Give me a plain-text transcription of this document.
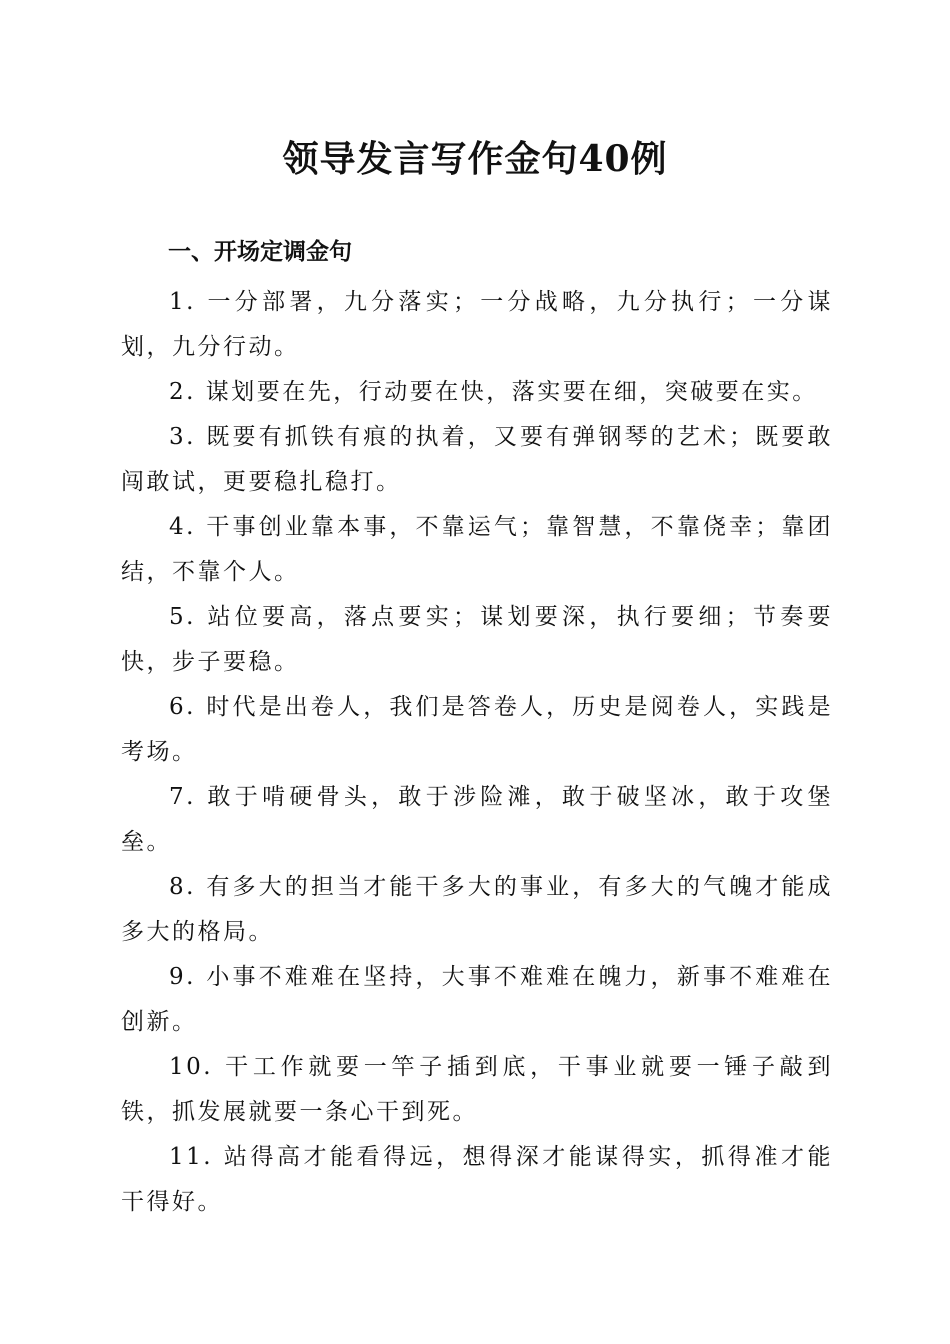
领导发言写作金句40例
一、开场定调金句
1. 一分部署，九分落实；一分战略，九分执行；一分谋划，九分行动。
2. 谋划要在先，行动要在快，落实要在细，突破要在实。
3. 既要有抓铁有痕的执着，又要有弹钢琴的艺术；既要敢闯敢试，更要稳扎稳打。
4. 干事创业靠本事，不靠运气；靠智慧，不靠侥幸；靠团结，不靠个人。
5. 站位要高，落点要实；谋划要深，执行要细；节奏要快，步子要稳。
6. 时代是出卷人，我们是答卷人，历史是阅卷人，实践是考场。
7. 敢于啃硬骨头，敢于涉险滩，敢于破坚冰，敢于攻堡垒。
8. 有多大的担当才能干多大的事业，有多大的气魄才能成多大的格局。
9. 小事不难难在坚持，大事不难难在魄力，新事不难难在创新。
10. 干工作就要一竿子插到底，干事业就要一锤子敲到铁，抓发展就要一条心干到死。
11. 站得高才能看得远，想得深才能谋得实，抓得准才能干得好。
